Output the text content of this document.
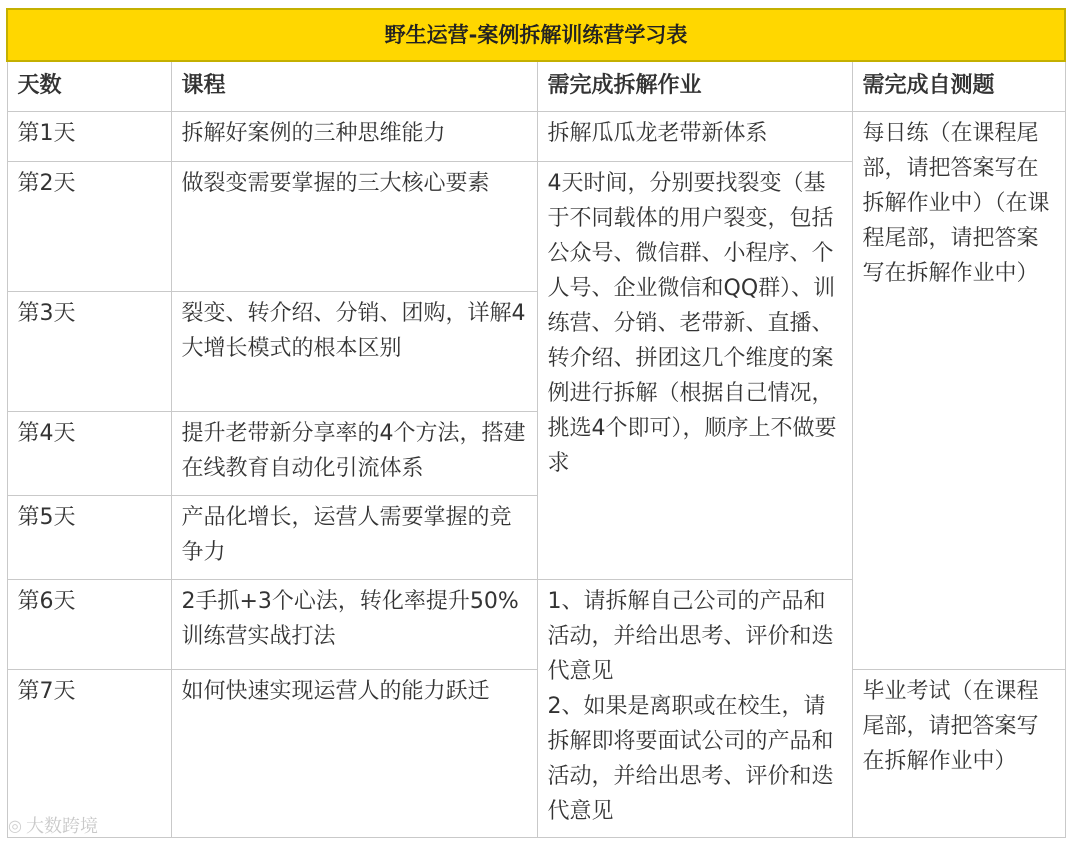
野生运营-案例拆解训练营学习表			
天数	课程	需完成拆解作业	需完成自测题
第1天	拆解好案例的三种思维能力	拆解瓜瓜龙老带新体系	每日练（在课程尾部，请把答案写在拆解作业中）（在课程尾部，请把答案写在拆解作业中）
第2天	做裂变需要掌握的三大核心要素	4天时间，分别要找裂变（基于不同载体的用户裂变，包括公众号、微信群、小程序、个人号、企业微信和QQ群）、训练营、分销、老带新、直播、转介绍、拼团这几个维度的案例进行拆解（根据自己情况，挑选4个即可），顺序上不做要求	
第3天	裂变、转介绍、分销、团购，详解4大增长模式的根本区别		
第4天	提升老带新分享率的4个方法，搭建在线教育自动化引流体系		
第5天	产品化增长，运营人需要掌握的竞争力		
第6天	2手抓+3个心法，转化率提升50%训练营实战打法	1、请拆解自己公司的产品和活动，并给出思考、评价和迭代意见
2、如果是离职或在校生，请拆解即将要面试公司的产品和活动，并给出思考、评价和迭代意见	
第7天	如何快速实现运营人的能力跃迁		毕业考试（在课程尾部，请把答案写在拆解作业中）
◎ 大数跨境
